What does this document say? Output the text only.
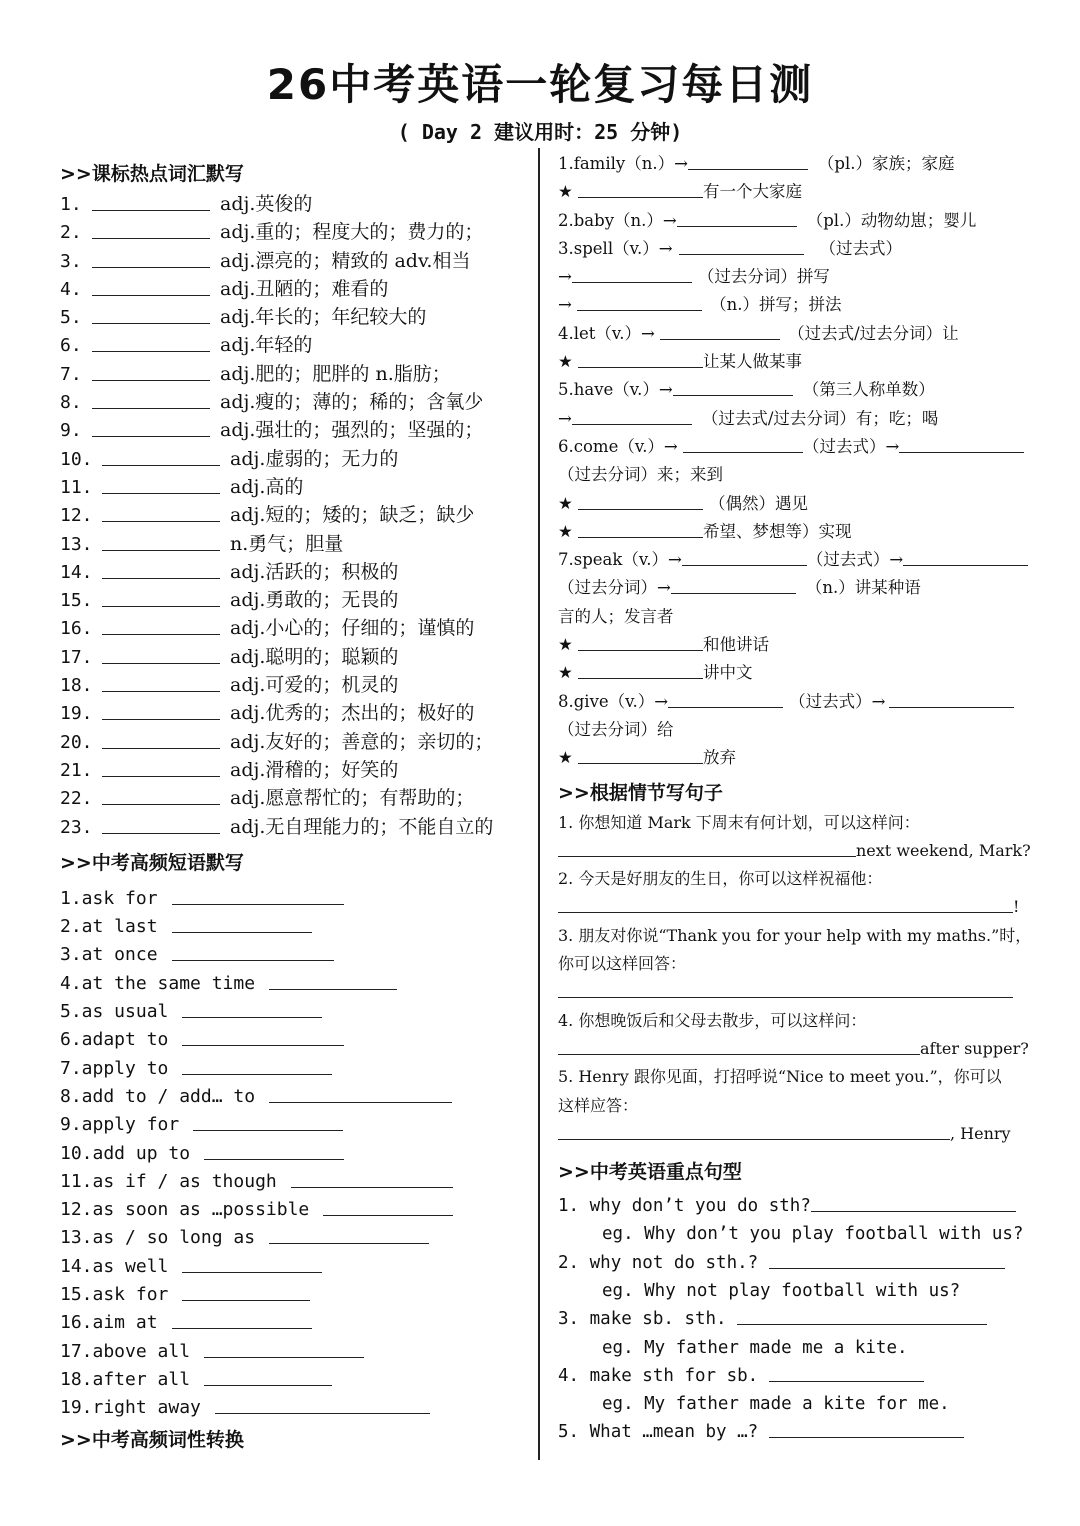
26中考英语一轮复习每日测
( Day 2 建议用时：25 分钟)
>>课标热点词汇默写
1.	adj.英俊的
2.	adj.重的；程度大的；费力的；
3.	adj.漂亮的；精致的 adv.相当
4.	adj.丑陋的；难看的
5.	adj.年长的；年纪较大的
6.	adj.年轻的
7.	adj.肥的；肥胖的 n.脂肪；
8.	adj.瘦的；薄的；稀的；含氧少
9.	adj.强壮的；强烈的；坚强的；
10.	adj.虚弱的；无力的
11.	adj.高的
12.	adj.短的；矮的；缺乏；缺少
13.	n.勇气；胆量
14.	adj.活跃的；积极的
15.	adj.勇敢的；无畏的
16.	adj.小心的；仔细的；谨慎的
17.	adj.聪明的；聪颖的
18.	adj.可爱的；机灵的
19.	adj.优秀的；杰出的；极好的
20.	adj.友好的；善意的；亲切的；
21.	adj.滑稽的；好笑的
22.	adj.愿意帮忙的；有帮助的；
23.	adj.无自理能力的；不能自立的
>>中考高频短语默写
1.ask for
2.at last
3.at once
4.at the same time
5.as usual
6.adapt to
7.apply to
8.add to / add… to
9.apply for
10.add up to
11.as if / as though
12.as soon as …possible
13.as / so long as
14.as well
15.ask for
16.aim at
17.above all
18.after all
19.right away
>>中考高频词性转换
1.family（n.）→	（pl.）家族；家庭
★	有一个大家庭
2.baby（n.）→	（pl.）动物幼崽；婴儿
3.spell（v.）→	（过去式）
→	（过去分词）拼写
→	（n.）拼写；拼法
4.let（v.）→	（过去式/过去分词）让
★	让某人做某事
5.have（v.）→	（第三人称单数）
→	（过去式/过去分词）有；吃；喝
6.come（v.）→	（过去式）→
（过去分词）来；来到
★	（偶然）遇见
★	希望、梦想等）实现
7.speak（v.）→	（过去式）→
（过去分词）→	（n.）讲某种语
言的人；发言者
★	和他讲话
★	讲中文
8.give（v.）→	（过去式）→
（过去分词）给
★	放弃
>>根据情节写句子
1. 你想知道 Mark 下周末有何计划，可以这样问：
next weekend, Mark?
2. 今天是好朋友的生日，你可以这样祝福他：
!
3. 朋友对你说“Thank you for your help with my maths.”时，
你可以这样回答：
4. 你想晚饭后和父母去散步，可以这样问：
after supper?
5. Henry 跟你见面，打招呼说“Nice to meet you.”，你可以
这样应答：
, Henry
>>中考英语重点句型
1. why don’t you do sth?
eg. Why don’t you play football with us?
2. why not do sth.?
eg. Why not play football with us?
3. make sb. sth.
eg. My father made me a kite.
4. make sth for sb.
eg. My father made a kite for me.
5. What …mean by …?
